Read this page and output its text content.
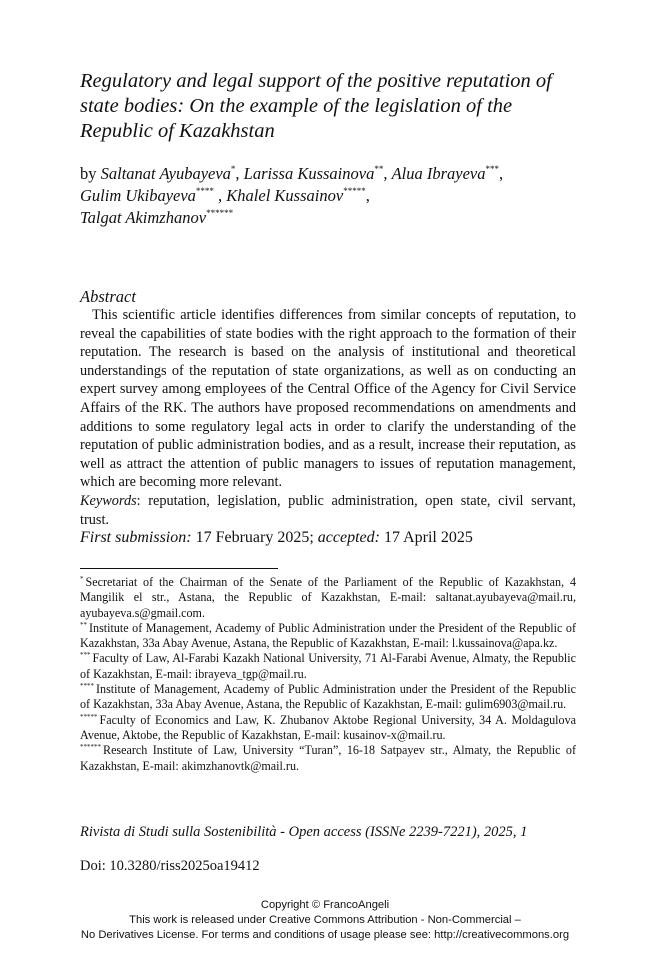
Regulatory and legal support of the positive reputation of state bodies: On the example of the legislation of the Republic of Kazakhstan
by Saltanat Ayubayeva*, Larissa Kussainova**, Alua Ibrayeva***,
Gulim Ukibayeva**** , Khalel Kussainov*****,
Talgat Akimzhanov******
Abstract

This scientific article identifies differences from similar concepts of reputation, to reveal the capabilities of state bodies with the right approach to the formation of their reputation. The research is based on the analysis of institutional and theoretical understandings of the reputation of state organizations, as well as on conducting an expert survey among employees of the Central Office of the Agency for Civil Service Affairs of the RK. The authors have proposed recommendations on amendments and additions to some regulatory legal acts in order to clarify the understanding of the reputation of public administration bodies, and as a result, increase their reputation, as well as attract the attention of public managers to issues of reputation management, which are becoming more relevant.

Keywords: reputation, legislation, public administration, open state, civil servant, trust.
First submission: 17 February 2025; accepted: 17 April 2025

* Secretariat of the Chairman of the Senate of the Parliament of the Republic of Kazakhstan, 4 Mangilik el str., Astana, the Republic of Kazakhstan, E-mail: saltanat.ayubayeva@mail.ru, ayubayeva.s@gmail.com.

** Institute of Management, Academy of Public Administration under the President of the Republic of Kazakhstan, 33a Abay Avenue, Astana, the Republic of Kazakhstan, E-mail: l.kussainova@apa.kz.

*** Faculty of Law, Al-Farabi Kazakh National University, 71 Al-Farabi Avenue, Almaty, the Republic of Kazakhstan, E-mail: ibrayeva_tgp@mail.ru.

**** Institute of Management, Academy of Public Administration under the President of the Republic of Kazakhstan, 33a Abay Avenue, Astana, the Republic of Kazakhstan, E-mail: gulim6903@mail.ru.

***** Faculty of Economics and Law, K. Zhubanov Aktobe Regional University, 34 A. Moldagulova Avenue, Aktobe, the Republic of Kazakhstan, E-mail: kusainov-x@mail.ru.

****** Research Institute of Law, University “Turan”, 16-18 Satpayev str., Almaty, the Republic of Kazakhstan, E-mail: akimzhanovtk@mail.ru.

Rivista di Studi sulla Sostenibilità - Open access (ISSNe 2239-7221), 2025, 1
Doi: 10.3280/riss2025oa19412
Copyright © FrancoAngeli
This work is released under Creative Commons Attribution - Non-Commercial –
No Derivatives License. For terms and conditions of usage please see: http://creativecommons.org
